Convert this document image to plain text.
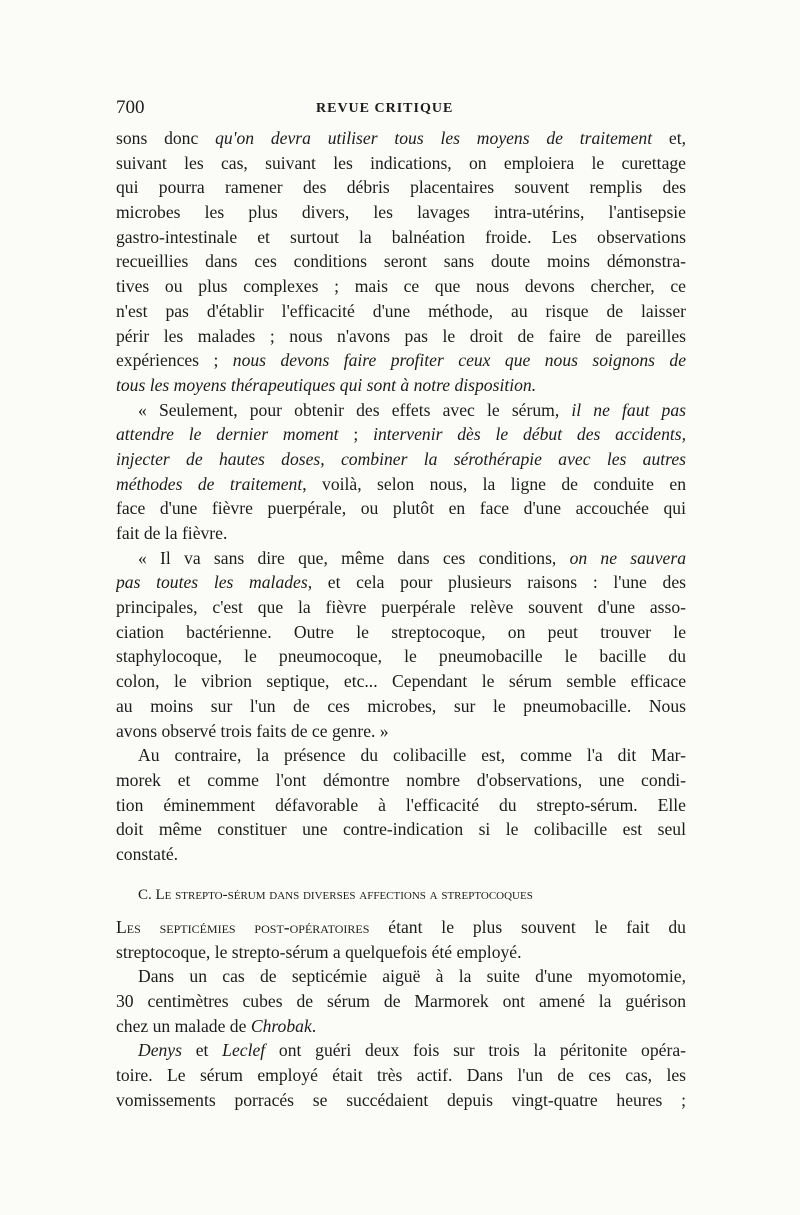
700	REVUE CRITIQUE
sons donc qu'on devra utiliser tous les moyens de traitement et,
suivant les cas, suivant les indications, on emploiera le curettage
qui pourra ramener des débris placentaires souvent remplis des
microbes les plus divers, les lavages intra-utérins, l'antisepsie
gastro-intestinale et surtout la balnéation froide. Les observations
recueillies dans ces conditions seront sans doute moins démonstra-
tives ou plus complexes ; mais ce que nous devons chercher, ce
n'est pas d'établir l'efficacité d'une méthode, au risque de laisser
périr les malades ; nous n'avons pas le droit de faire de pareilles
expériences ; nous devons faire profiter ceux que nous soignons de
tous les moyens thérapeutiques qui sont à notre disposition.
« Seulement, pour obtenir des effets avec le sérum, il ne faut pas
attendre le dernier moment ; intervenir dès le début des accidents,
injecter de hautes doses, combiner la sérothérapie avec les autres
méthodes de traitement, voilà, selon nous, la ligne de conduite en
face d'une fièvre puerpérale, ou plutôt en face d'une accouchée qui
fait de la fièvre.
« Il va sans dire que, même dans ces conditions, on ne sauvera
pas toutes les malades, et cela pour plusieurs raisons : l'une des
principales, c'est que la fièvre puerpérale relève souvent d'une asso-
ciation bactérienne. Outre le streptocoque, on peut trouver le
staphylocoque, le pneumocoque, le pneumobacille le bacille du
colon, le vibrion septique, etc... Cependant le sérum semble efficace
au moins sur l'un de ces microbes, sur le pneumobacille. Nous
avons observé trois faits de ce genre. »
Au contraire, la présence du colibacille est, comme l'a dit Mar-
morek et comme l'ont démontre nombre d'observations, une condi-
tion éminemment défavorable à l'efficacité du strepto-sérum. Elle
doit même constituer une contre-indication si le colibacille est seul
constaté.
C. Le strepto-sérum dans diverses affections a streptocoques
Les septicémies post-opératoires étant le plus souvent le fait du
streptocoque, le strepto-sérum a quelquefois été employé.
Dans un cas de septicémie aiguë à la suite d'une myomotomie,
30 centimètres cubes de sérum de Marmorek ont amené la guérison
chez un malade de Chrobak.
Denys et Leclef ont guéri deux fois sur trois la péritonite opéra-
toire. Le sérum employé était très actif. Dans l'un de ces cas, les
vomissements porracés se succédaient depuis vingt-quatre heures ;
